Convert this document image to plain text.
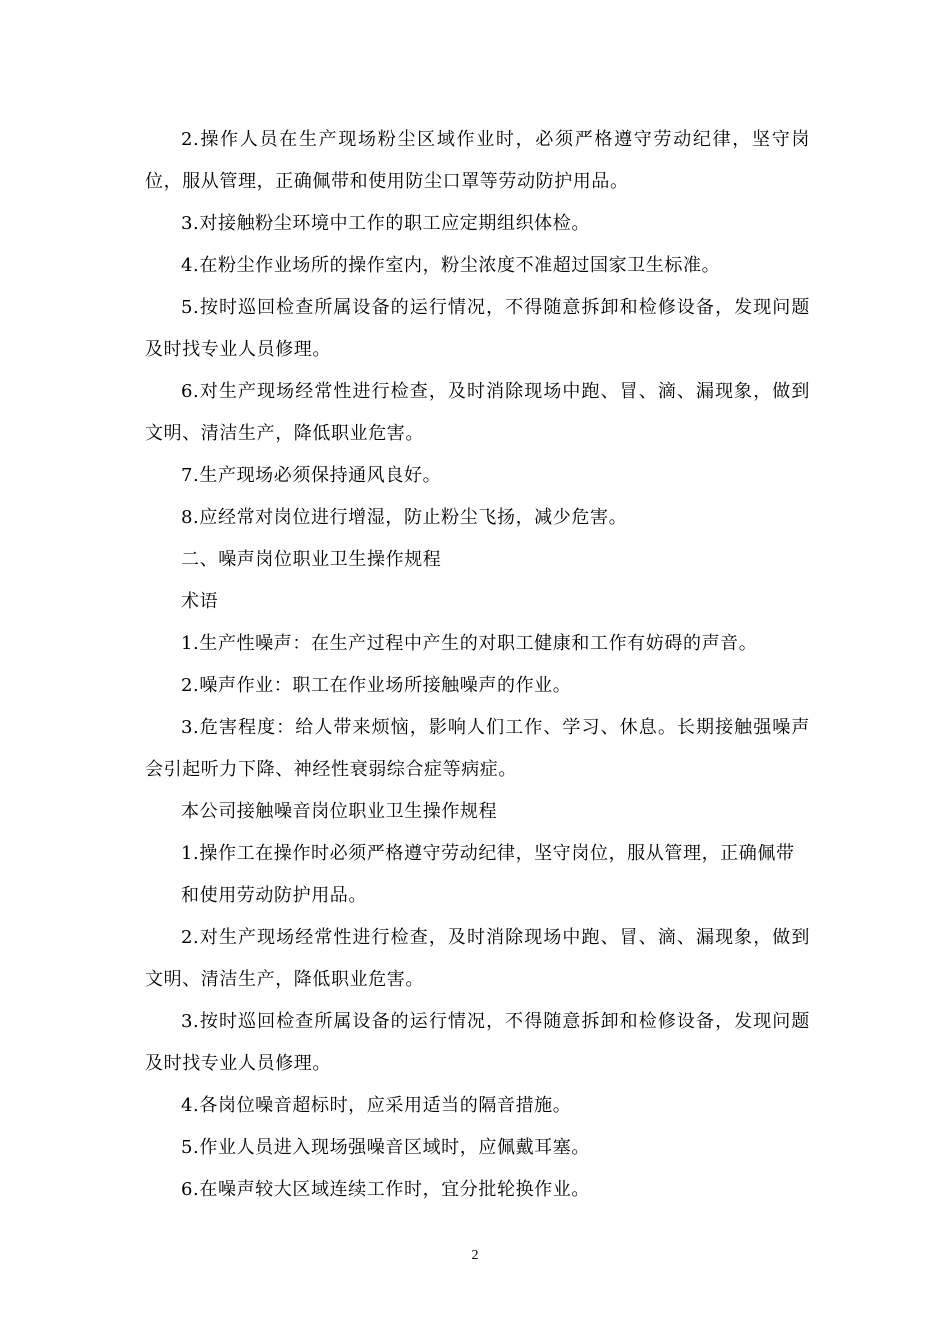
2.操作人员在生产现场粉尘区域作业时，必须严格遵守劳动纪律，坚守岗位，服从管理，正确佩带和使用防尘口罩等劳动防护用品。

3.对接触粉尘环境中工作的职工应定期组织体检。

4.在粉尘作业场所的操作室内，粉尘浓度不准超过国家卫生标准。

5.按时巡回检查所属设备的运行情况，不得随意拆卸和检修设备，发现问题及时找专业人员修理。

6.对生产现场经常性进行检查，及时消除现场中跑、冒、滴、漏现象，做到文明、清洁生产，降低职业危害。

7.生产现场必须保持通风良好。

8.应经常对岗位进行增湿，防止粉尘飞扬，减少危害。

二、噪声岗位职业卫生操作规程

术语

1.生产性噪声：在生产过程中产生的对职工健康和工作有妨碍的声音。

2.噪声作业：职工在作业场所接触噪声的作业。

3.危害程度：给人带来烦恼，影响人们工作、学习、休息。长期接触强噪声会引起听力下降、神经性衰弱综合症等病症。

本公司接触噪音岗位职业卫生操作规程

1.操作工在操作时必须严格遵守劳动纪律，坚守岗位，服从管理，正确佩带和使用劳动防护用品。

2.对生产现场经常性进行检查，及时消除现场中跑、冒、滴、漏现象，做到文明、清洁生产，降低职业危害。

3.按时巡回检查所属设备的运行情况，不得随意拆卸和检修设备，发现问题及时找专业人员修理。

4.各岗位噪音超标时，应采用适当的隔音措施。

5.作业人员进入现场强噪音区域时，应佩戴耳塞。

6.在噪声较大区域连续工作时，宜分批轮换作业。

2
